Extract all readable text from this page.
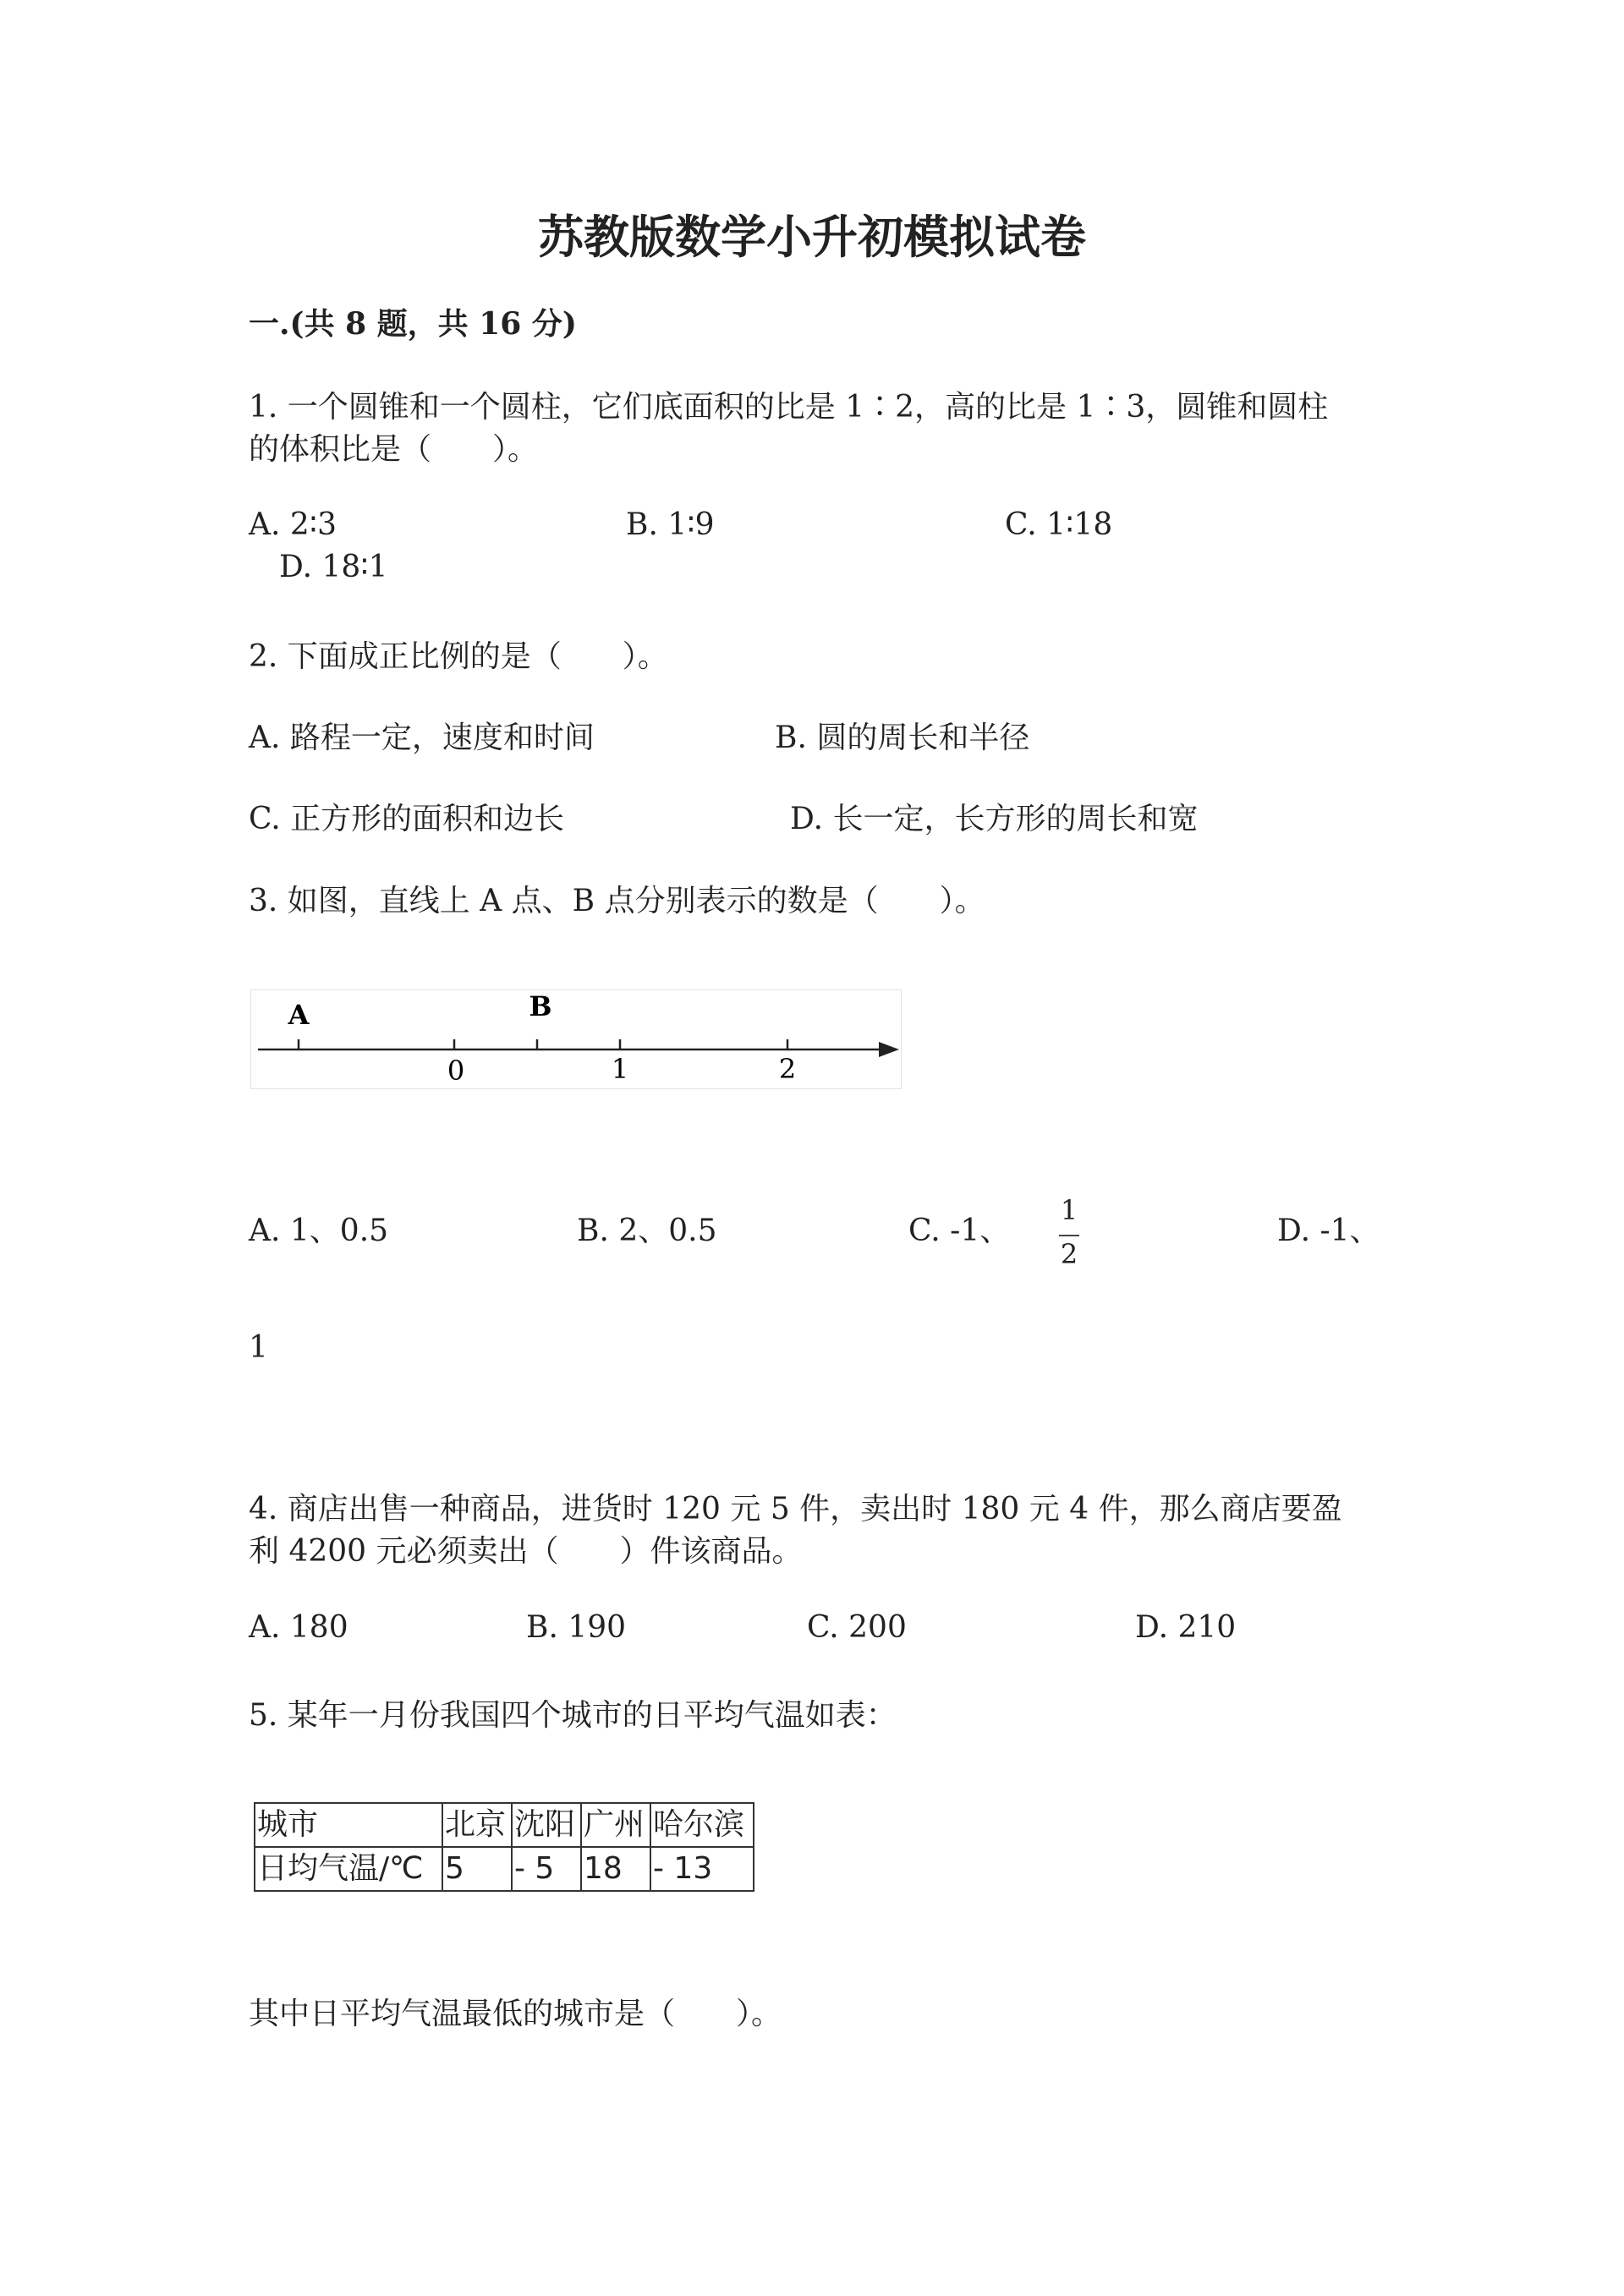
苏教版数学小升初模拟试卷
一.(共 8 题，共 16 分)
1. 一个圆锥和一个圆柱，它们底面积的比是 1∶2，高的比是 1∶3，圆锥和圆柱
的体积比是（　　）。
A. 2∶3	B. 1∶9	C. 1∶18
D. 18∶1
2. 下面成正比例的是（　　）。
A. 路程一定，速度和时间	B. 圆的周长和半径
C. 正方形的面积和边长	D. 长一定，长方形的周长和宽
3. 如图，直线上 A 点、B 点分别表示的数是（　　）。
A	B
0	1	2
A. 1、0.5	B. 2、0.5	C. -1、
1
2
D. -1、
1
4. 商店出售一种商品，进货时 120 元 5 件，卖出时 180 元 4 件，那么商店要盈
利 4200 元必须卖出（　　）件该商品。
A. 180	B. 190	C. 200	D. 210
5. 某年一月份我国四个城市的日平均气温如表：
城市	北京	沈阳	广州	哈尔滨
日均气温/℃	5	- 5	18	- 13
其中日平均气温最低的城市是（　　）。
